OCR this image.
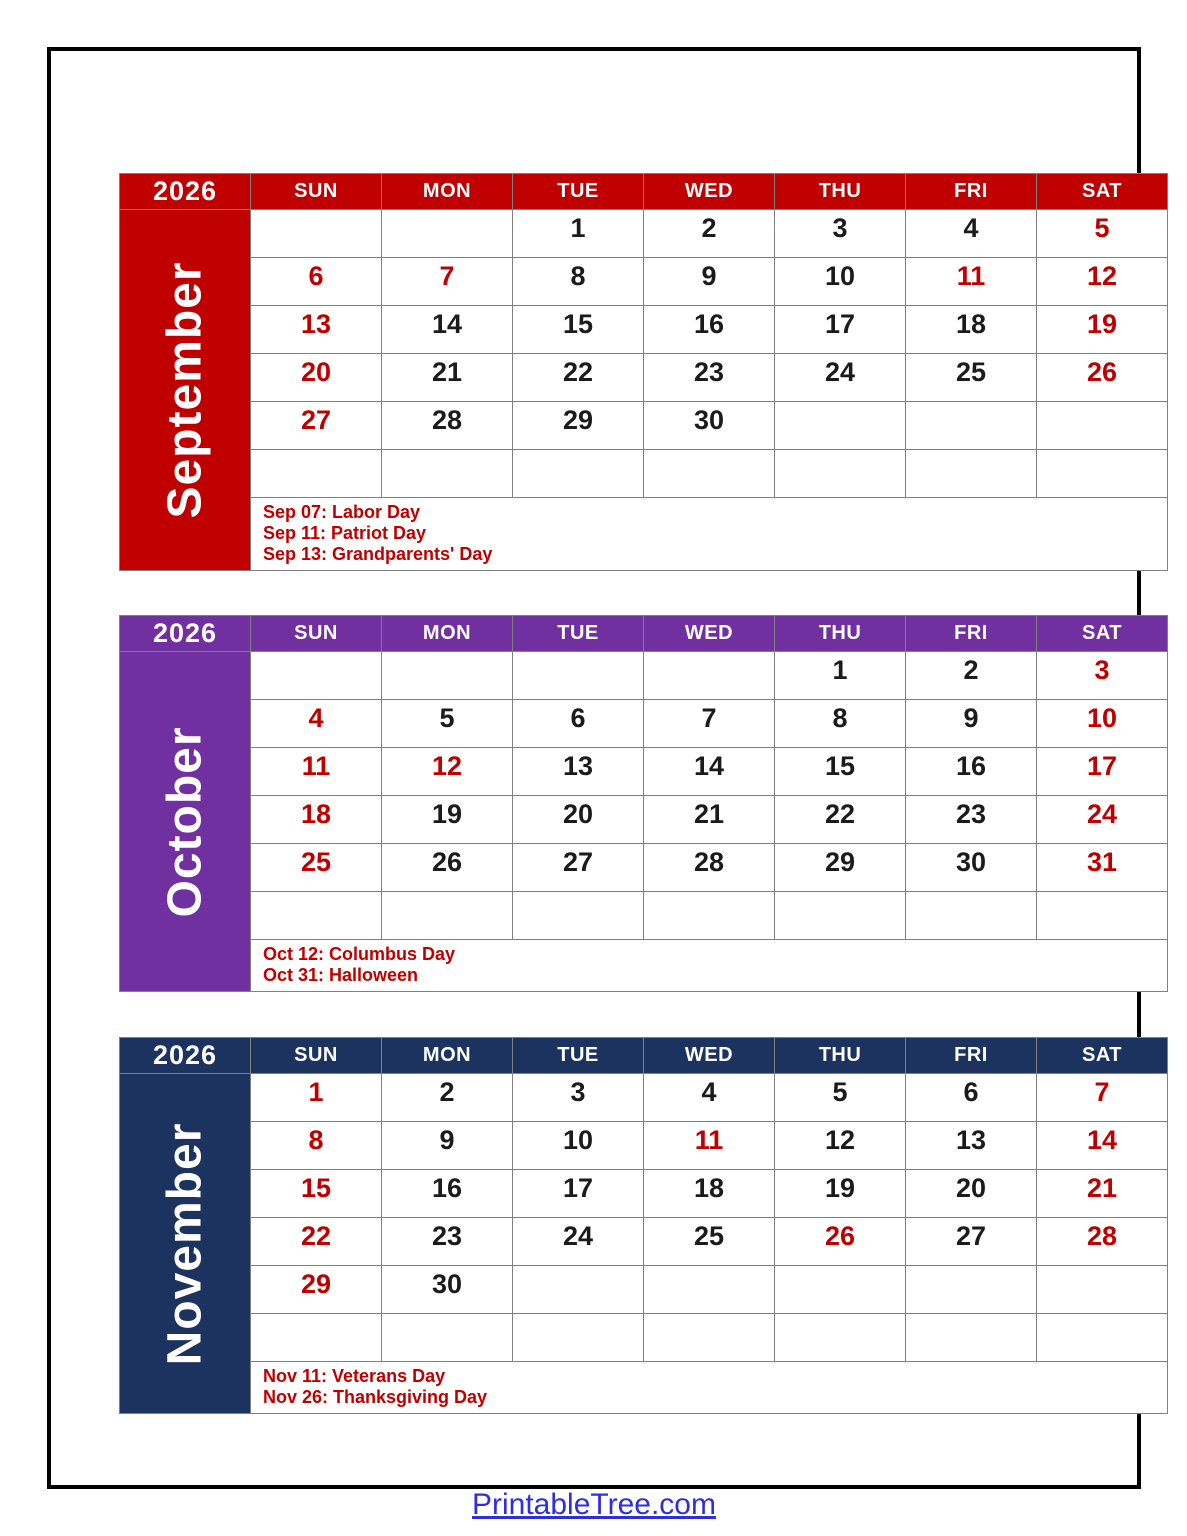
2026	SUN	MON	TUE	WED	THU	FRI	SAT

September			1	2	3	4	5
	6	7	8	9	10	11	12
	13	14	15	16	17	18	19
	20	21	22	23	24	25	26
	27	28	29	30			

	Sep 07: Labor Day
Sep 11: Patriot Day
Sep 13: Grandparents' Day						
2026	SUN	MON	TUE	WED	THU	FRI	SAT

October					1	2	3
	4	5	6	7	8	9	10
	11	12	13	14	15	16	17
	18	19	20	21	22	23	24
	25	26	27	28	29	30	31

	Oct 12: Columbus Day
Oct 31: Halloween						
2026	SUN	MON	TUE	WED	THU	FRI	SAT

November	1	2	3	4	5	6	7
	8	9	10	11	12	13	14
	15	16	17	18	19	20	21
	22	23	24	25	26	27	28
	29	30					

	Nov 11: Veterans Day
Nov 26: Thanksgiving Day						
PrintableTree.com
